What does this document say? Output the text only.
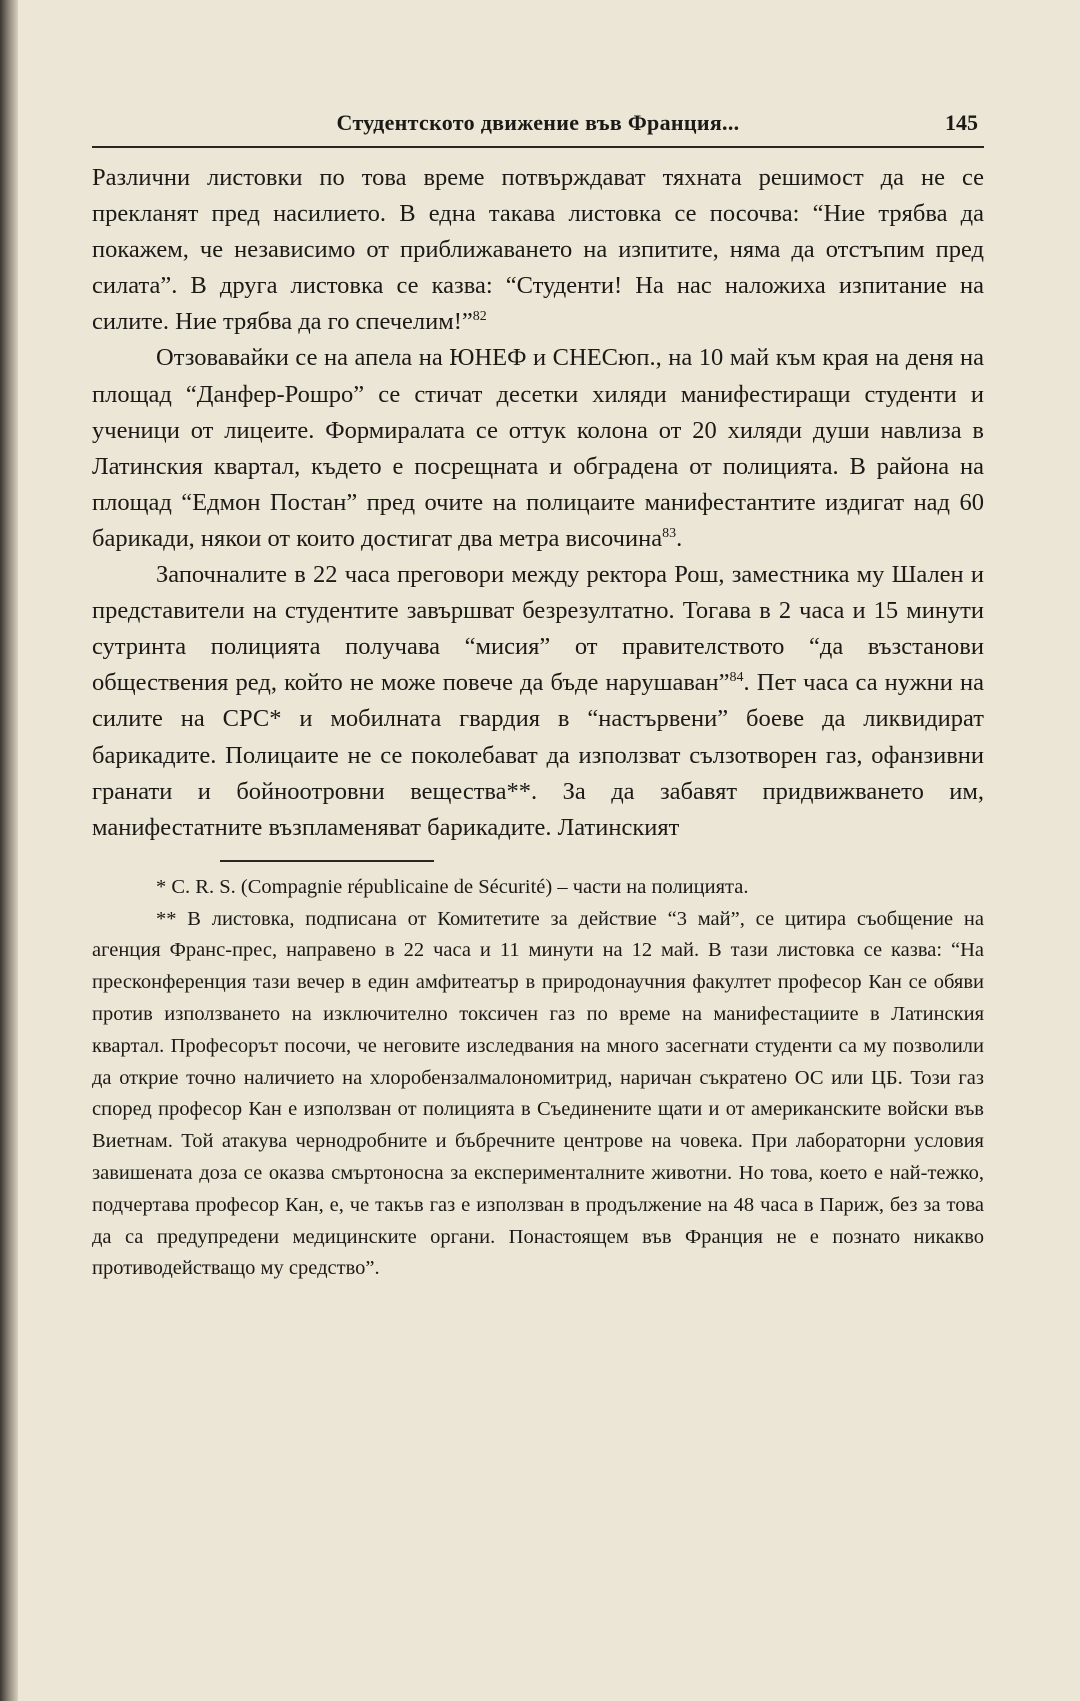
Студентското движение във Франция...	145

Различни листовки по това време потвърждават тяхната решимост да не се прекланят пред насилието. В една такава листовка се посочва: “Ние трябва да покажем, че независимо от приближаването на изпитите, няма да отстъпим пред силата”. В друга листовка се казва: “Студенти! На нас наложиха изпитание на силите. Ние трябва да го спечелим!”$^{82}$

Отзовавайки се на апела на ЮНЕФ и СНЕСюп., на 10 май към края на деня на площад “Данфер-Рошро” се стичат десетки хиляди манифестиращи студенти и ученици от лицеите. Формиралата се оттук колона от 20 хиляди души навлиза в Латинския квартал, където е посрещната и обградена от полицията. В района на площад “Едмон Постан” пред очите на полицаите манифестантите издигат над 60 барикади, някои от които достигат два метра височина$^{83}$.

Започналите в 22 часа преговори между ректора Рош, заместника му Шален и представители на студентите завършват безрезултатно. Тогава в 2 часа и 15 минути сутринта полицията получава “мисия” от правителството “да възстанови обществения ред, който не може повече да бъде нарушаван”$^{84}$. Пет часа са нужни на силите на СРС* и мобилната гвардия в “настървени” боеве да ликвидират барикадите. Полицаите не се поколебават да използват сълзотворен газ, офанзивни гранати и бойноотровни вещества**. За да забавят придвижването им, манифестатните възпламеняват барикадите. Латинският

* C. R. S. (Compagnie républicaine de Sécurité) – части на полицията.

** В листовка, подписана от Комитетите за действие “3 май”, се цитира съобщение на агенция Франс-прес, направено в 22 часа и 11 минути на 12 май. В тази листовка се казва: “На пресконференция тази вечер в един амфитеатър в природонаучния факултет професор Кан се обяви против използването на изключително токсичен газ по време на манифестациите в Латинския квартал. Професорът посочи, че неговите изследвания на много засегнати студенти са му позволили да открие точно наличието на хлоробензалмалономитрид, наричан съкратено ОС или ЦБ. Този газ според професор Кан е използван от полицията в Съединените щати и от американските войски във Виетнам. Той атакува чернодробните и бъбречните центрове на човека. При лабораторни условия завишената доза се оказва смъртоносна за експерименталните животни. Но това, което е най-тежко, подчертава професор Кан, е, че такъв газ е използван в продължение на 48 часа в Париж, без за това да са предупредени медицинските органи. Понастоящем във Франция не е познато никакво противодействащо му средство”.
